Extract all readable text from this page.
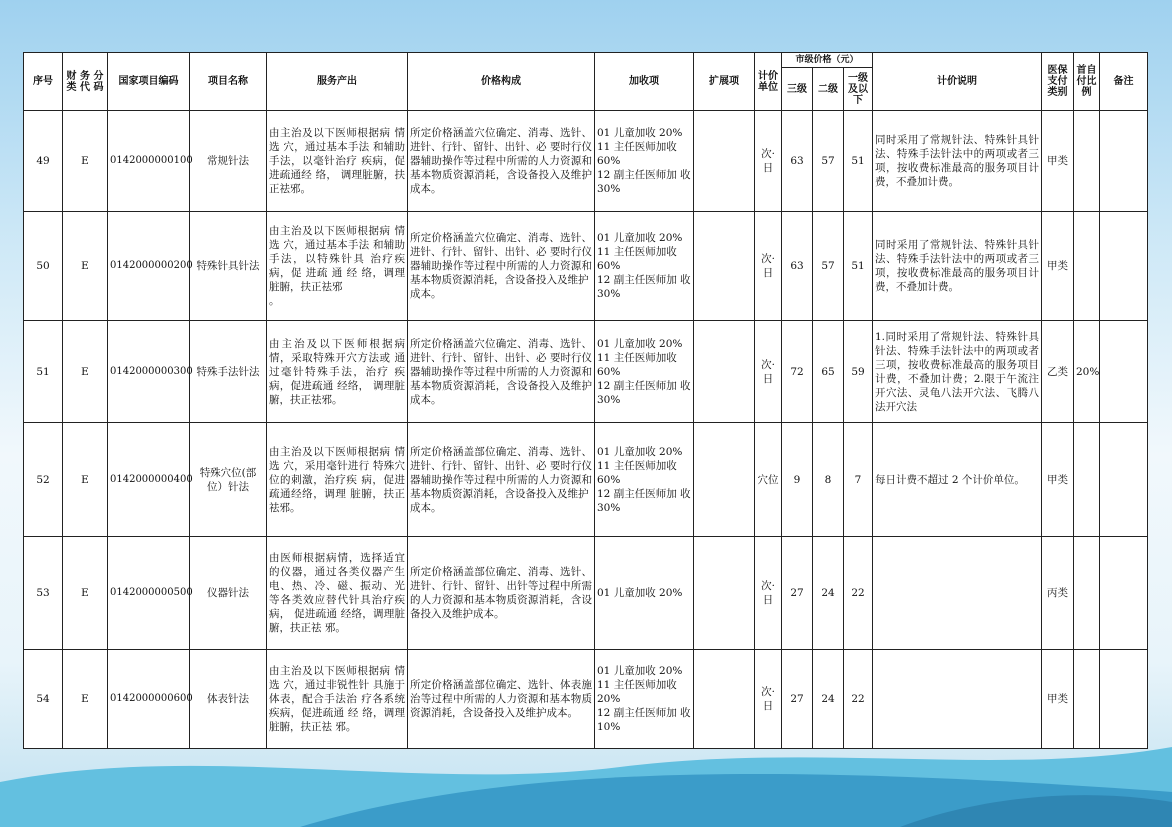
序号	财 务 分 类 代 码	国家项目编码	项目名称	服务产出	价格构成	加收项	扩展项	计价单位	市级价格（元）			计价说明	医保支付类别	首自付比例	备注
									三级	二级	一级及以下				
49	E	0142000000100	常规针法	由主治及以下医师根据病 情 选 穴，通过基本手法 和辅助手法，以毫针治疗 疾病，促进疏通经 络， 调理脏腑，扶正祛邪。	所定价格涵盖穴位确定、消毒、选针、进针、行针、留针、出针、必 要时行仪器辅助操作等过程中所需的人力资源和基本物质资源消耗，含设备投入及维护成本。	01 儿童加收 20%
11 主任医师加收 60%
12 副主任医师加 收 30%		次·日	63	57	51	同时采用了常规针法、特殊针具针法、特殊手法针法中的两项或者三项，按收费标准最高的服务项目计费，不叠加计费。	甲类		
50	E	0142000000200	特殊针具针法	由主治及以下医师根据病 情 选 穴，通过基本手法 和辅助手法，以特殊针具 治疗疾病，促 进疏 通 经 络，调理脏腑，扶正祛邪
。	所定价格涵盖穴位确定、消毒、选针、进针、行针、留针、出针、必 要时行仪器辅助操作等过程中所需的人力资源和基本物质资源消耗，含设备投入及维护
成本。	01 儿童加收 20%
11 主任医师加收 60%
12 副主任医师加 收 30%		次·日	63	57	51	同时采用了常规针法、特殊针具针法、特殊手法针法中的两项或者三项，按收费标准最高的服务项目计费，不叠加计费。	甲类		
51	E	0142000000300	特殊手法针法	由主治及以下医师根据病 情，采取特殊开穴方法或 通过毫针特殊手法，治疗 疾病，促进疏通 经络， 调理脏腑，扶正祛邪。	所定价格涵盖穴位确定、消毒、选针、进针、行针、留针、出针、必 要时行仪器辅助操作等过程中所需的人力资源和基本物质资源消耗，含设备投入及维护成本。	01 儿童加收 20%
11 主任医师加收 60%
12 副主任医师加 收 30%		次·日	72	65	59	1.同时采用了常规针法、特殊针具针法、特殊手法针法中的两项或者三项，按收费标准最高的服务项目计费，不叠加计费；2.限于午流注开穴法、灵龟八法开穴法、飞腾八法开穴法	乙类	20%	
52	E	0142000000400	特殊穴位(部位）针法	由主治及以下医师根据病 情 选 穴，采用毫针进行 特殊穴位的刺激，治疗疾 病，促进疏通经络，调理 脏腑，扶正祛邪。	所定价格涵盖部位确定、消毒、选针、进针、行针、留针、出针、必 要时行仪器辅助操作等过程中所需的人力资源和基本物质资源消耗，含设备投入及维护
成本。	01 儿童加收 20%
11 主任医师加收 60%
12 副主任医师加 收 30%		穴位	9	8	7	每日计费不超过 2 个计价单位。	甲类		
53	E	0142000000500	仪器针法	由医师根据病情，选择适宜的仪器，通过各类仪器产生电、热、冷、磁、振动、光等各类效应替代针具治疗疾病， 促进疏通 经络，调理脏腑，扶正祛 邪。	所定价格涵盖部位确定、消毒、选针、进针、行针、留针、出针等过程中所需的人力资源和基本物质资源消耗，含设备投入及维护成本。	01 儿童加收 20%		次·日	27	24	22		丙类		
54	E	0142000000600	体表针法	由主治及以下医师根据病 情 选 穴，通过非锐性针 具施于体表，配合手法治 疗各系统疾病，促进疏通 经 络，调理脏腑，扶正祛 邪。	所定价格涵盖部位确定、选针、体表施治等过程中所需的人力资源和基本物质资源消耗，含设备投入及维护成本。	01 儿童加收 20%
11 主任医师加收 20%
12 副主任医师加 收 10%		次·日	27	24	22		甲类		
